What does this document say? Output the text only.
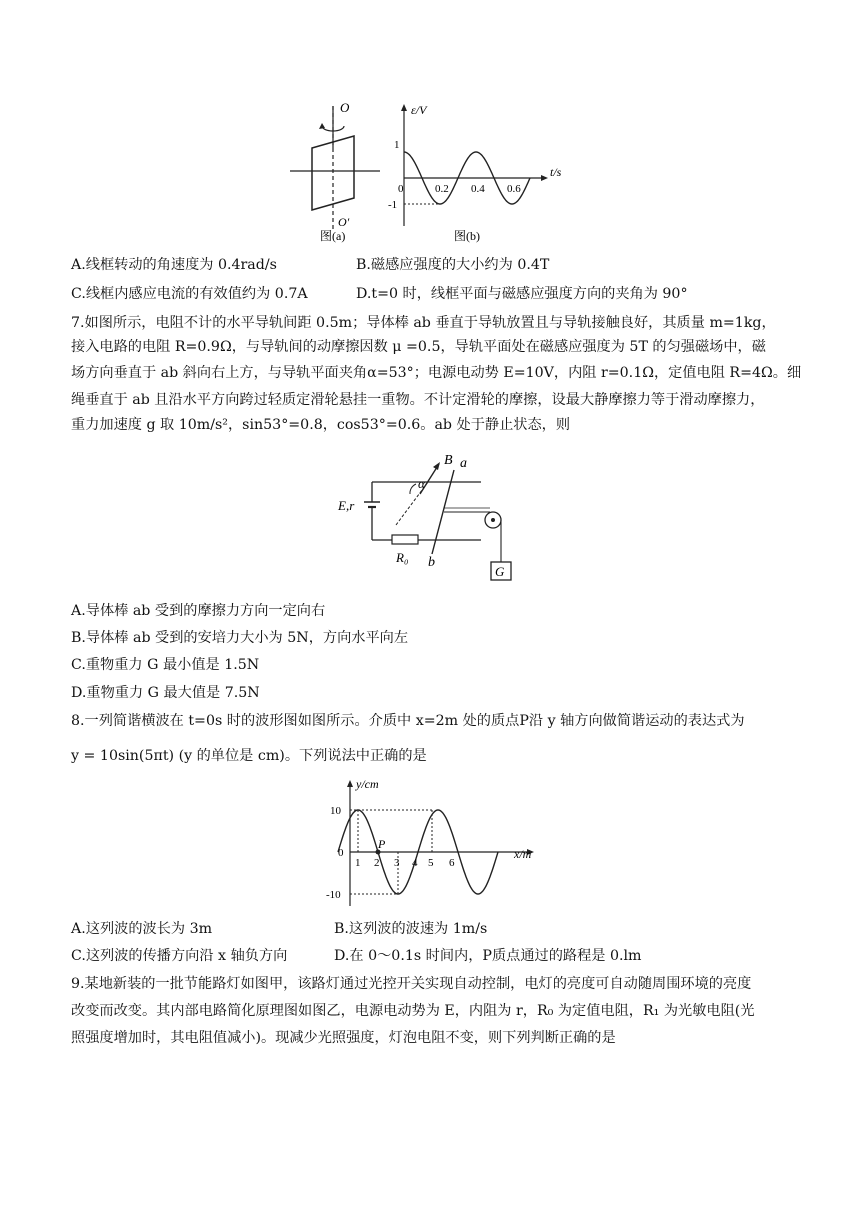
O
O′
图(a)
ε/V
t/s
1
-1
0	0.2 0.4 0.6
图(b)
A.线框转动的角速度为 0.4rad/s	B.磁感应强度的大小约为 0.4T
C.线框内感应电流的有效值约为 0.7A	D.t=0 时，线框平面与磁感应强度方向的夹角为 90°
7.如图所示，电阻不计的水平导轨间距 0.5m；导体棒 ab 垂直于导轨放置且与导轨接触良好，其质量 m=1kg，
接入电路的电阻 R=0.9Ω，与导轨间的动摩擦因数 μ =0.5，导轨平面处在磁感应强度为 5T 的匀强磁场中，磁
场方向垂直于 ab 斜向右上方，与导轨平面夹角α=53°；电源电动势 E=10V，内阻 r=0.1Ω，定值电阻 R=4Ω。细
绳垂直于 ab 且沿水平方向跨过轻质定滑轮悬挂一重物。不计定滑轮的摩擦，设最大静摩擦力等于滑动摩擦力，
重力加速度 g 取 10m/s²，sin53°=0.8，cos53°=0.6。ab 处于静止状态，则
B a
α
E,r
R₀ b
G
A.导体棒 ab 受到的摩擦力方向一定向右
B.导体棒 ab 受到的安培力大小为 5N，方向水平向左
C.重物重力 G 最小值是 1.5N
D.重物重力 G 最大值是 7.5N
8.一列简谐横波在 t=0s 时的波形图如图所示。介质中 x=2m 处的质点P沿 y 轴方向做简谐运动的表达式为
y = 10sin(5πt) (y 的单位是 cm)。下列说法中正确的是
y/cm
x/m
10
0
-10
1 2 3 4 5 6
P
A.这列波的波长为 3m	B.这列波的波速为 1m/s
C.这列波的传播方向沿 x 轴负方向	D.在 0～0.1s 时间内，P质点通过的路程是 0.lm
9.某地新装的一批节能路灯如图甲，该路灯通过光控开关实现自动控制，电灯的亮度可自动随周围环境的亮度
改变而改变。其内部电路简化原理图如图乙，电源电动势为 E，内阻为 r，R₀ 为定值电阻，R₁ 为光敏电阻(光
照强度增加时，其电阻值减小)。现减少光照强度，灯泡电阻不变，则下列判断正确的是
